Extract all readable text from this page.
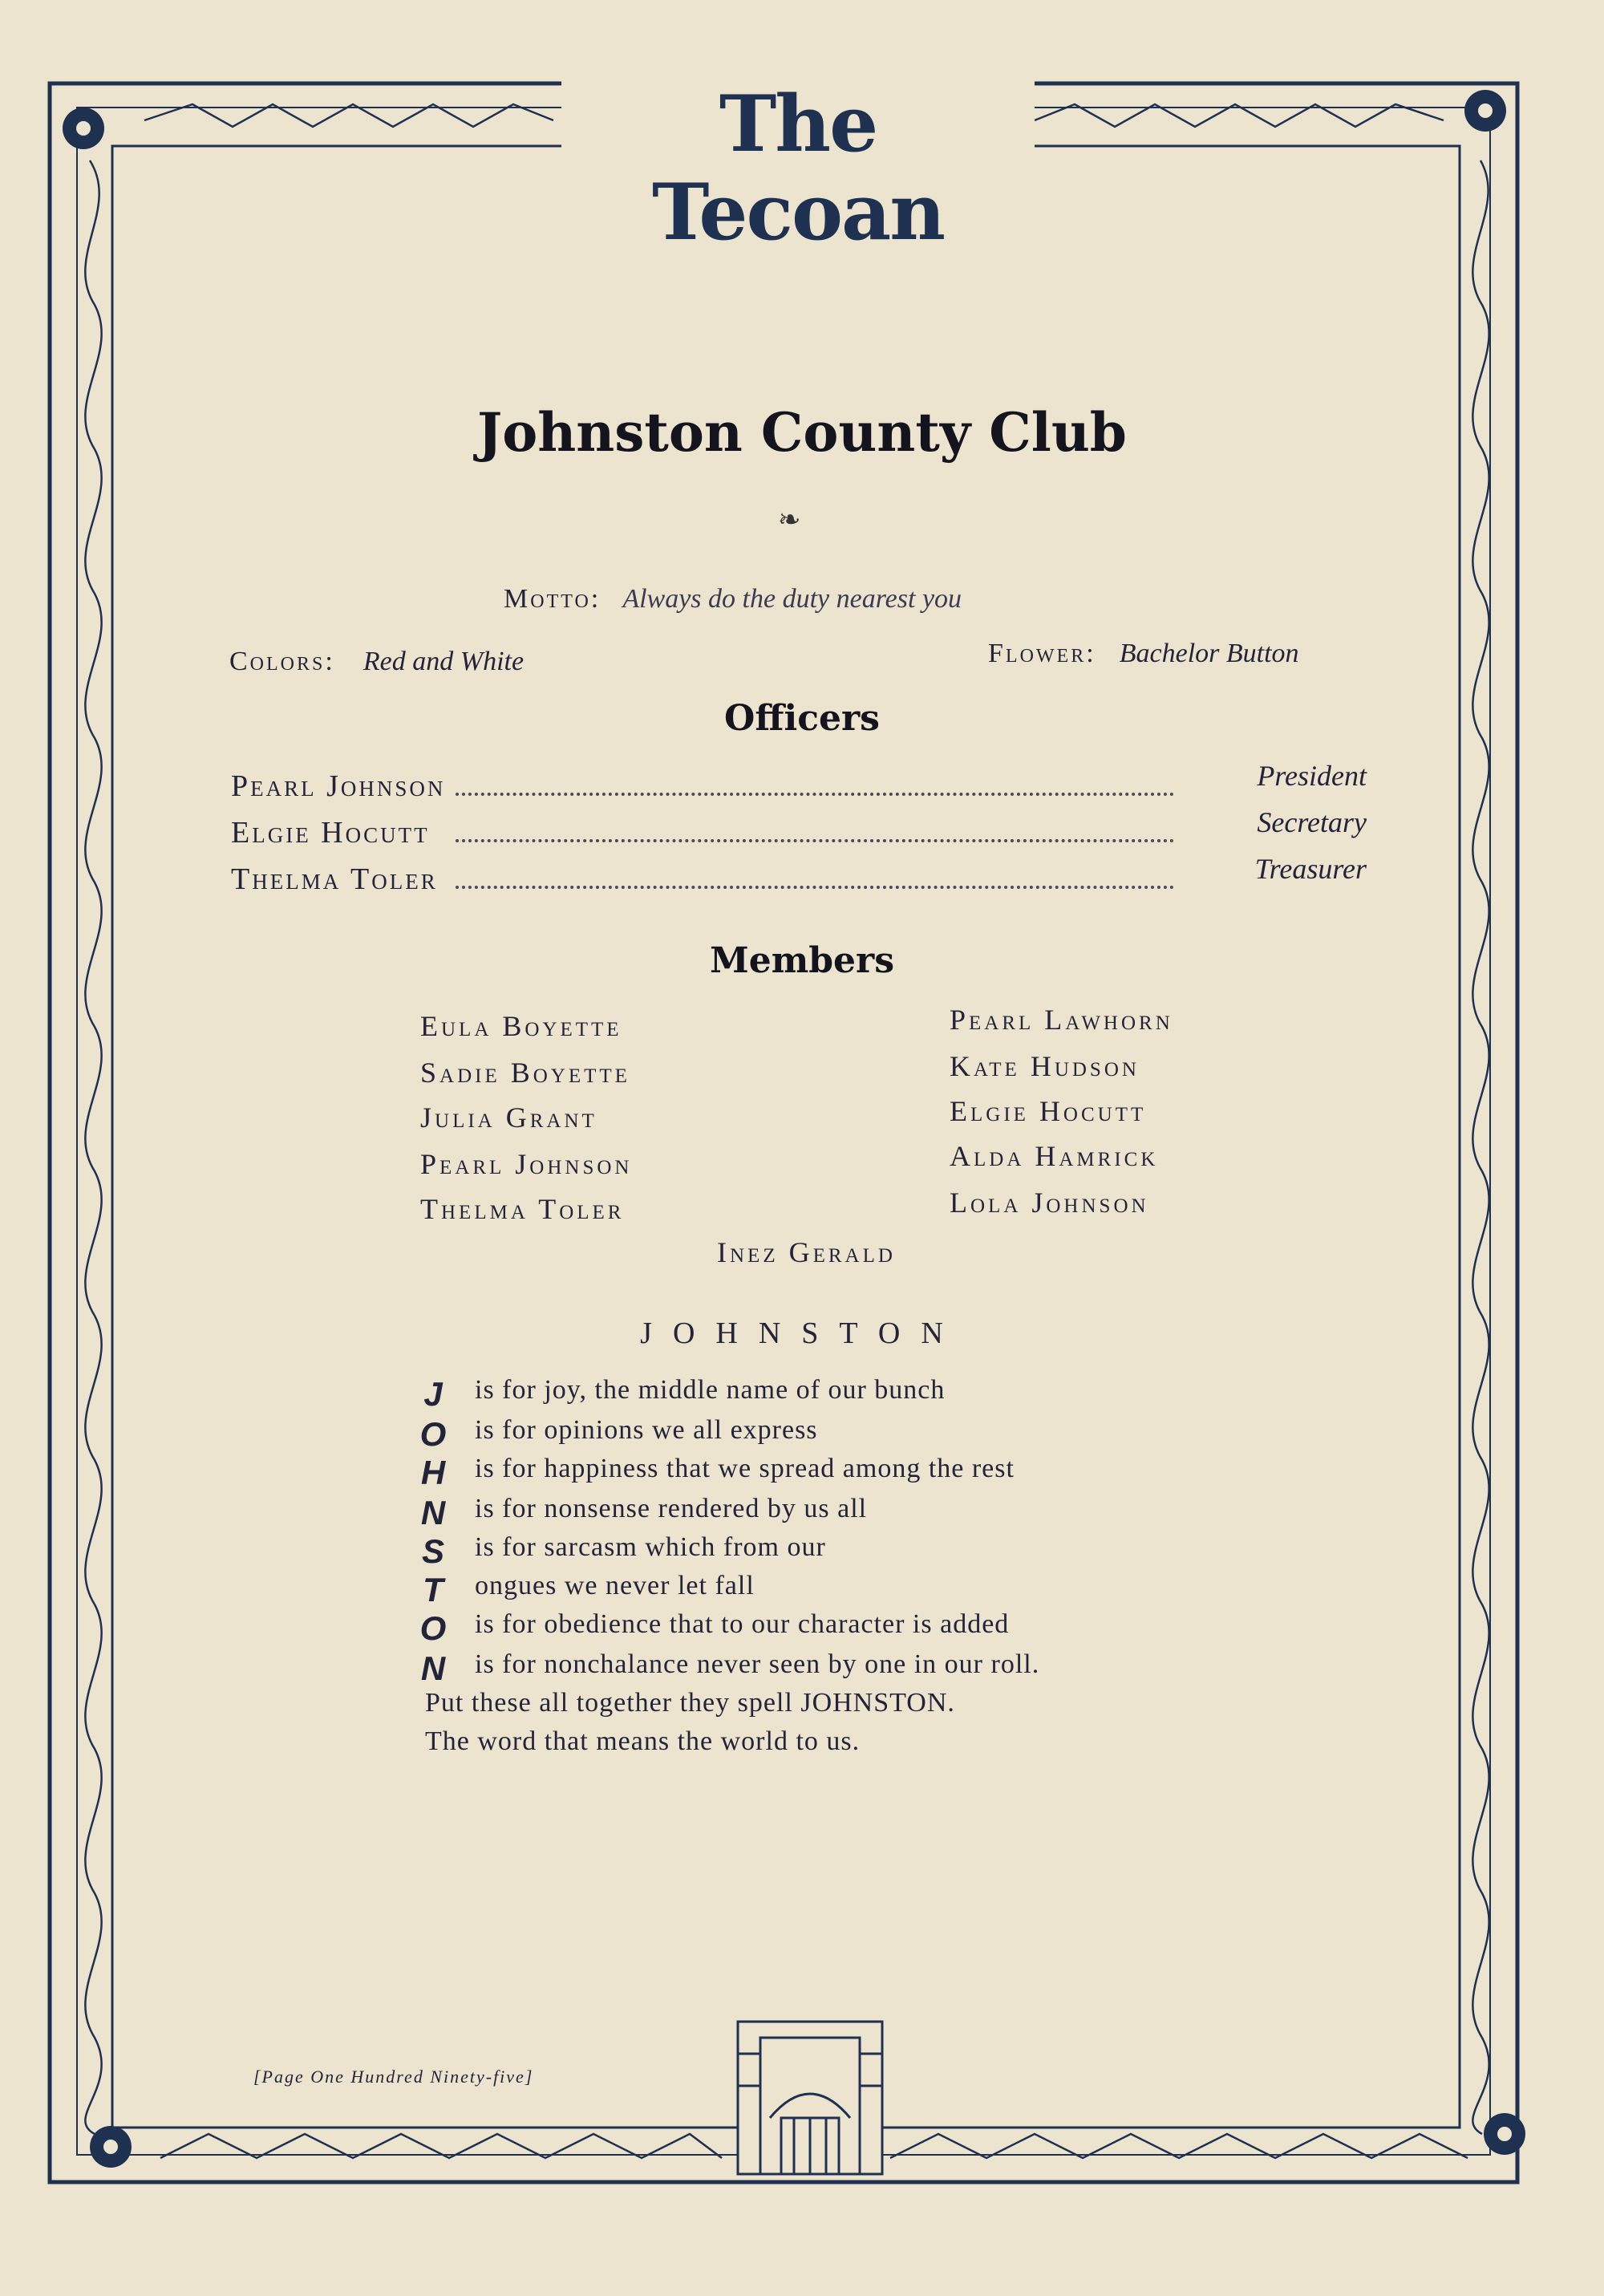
The Tecoan
Johnston County Club
❧
Motto: Always do the duty nearest you
Colors: Red and White	Flower: Bachelor Button
Officers
Pearl Johnson	President
Elgie Hocutt	Secretary
Thelma Toler	Treasurer
Members
Eula Boyette
Sadie Boyette
Julia Grant
Pearl Johnson
Thelma Toler
Pearl Lawhorn
Kate Hudson
Elgie Hocutt
Alda Hamrick
Lola Johnson
Inez Gerald
JOHNSTON
J is for joy, the middle name of our bunch
O is for opinions we all express
H is for happiness that we spread among the rest
N is for nonsense rendered by us all
S is for sarcasm which from our
T ongues we never let fall
O is for obedience that to our character is added
N is for nonchalance never seen by one in our roll.
Put these all together they spell JOHNSTON.
The word that means the world to us.
[Page One Hundred Ninety-five]
